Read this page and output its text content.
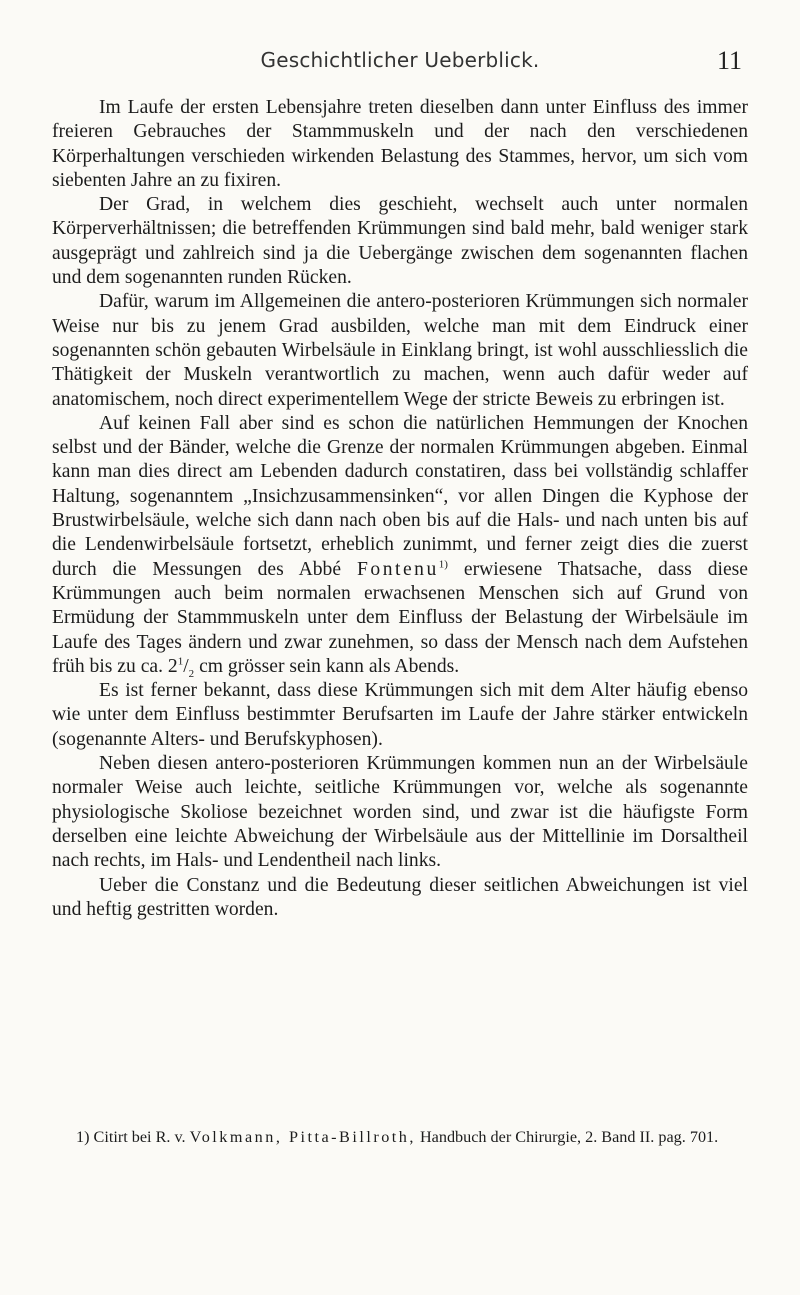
Geschichtlicher Ueberblick.	11

Im Laufe der ersten Lebensjahre treten dieselben dann unter Einfluss des immer freieren Gebrauches der Stammmuskeln und der nach den verschiedenen Körperhaltungen verschieden wirkenden Belastung des Stammes, hervor, um sich vom siebenten Jahre an zu fixiren.

Der Grad, in welchem dies geschieht, wechselt auch unter normalen Körperverhältnissen; die betreffenden Krümmungen sind bald mehr, bald weniger stark ausgeprägt und zahlreich sind ja die Uebergänge zwischen dem sogenannten flachen und dem sogenannten runden Rücken.

Dafür, warum im Allgemeinen die antero-posterioren Krümmungen sich normaler Weise nur bis zu jenem Grad ausbilden, welche man mit dem Eindruck einer sogenannten schön gebauten Wirbelsäule in Einklang bringt, ist wohl ausschliesslich die Thätigkeit der Muskeln verantwortlich zu machen, wenn auch dafür weder auf anatomischem, noch direct experimentellem Wege der stricte Beweis zu erbringen ist.

Auf keinen Fall aber sind es schon die natürlichen Hemmungen der Knochen selbst und der Bänder, welche die Grenze der normalen Krümmungen abgeben. Einmal kann man dies direct am Lebenden dadurch constatiren, dass bei vollständig schlaffer Haltung, sogenanntem „Insichzusammensinken“, vor allen Dingen die Kyphose der Brustwirbelsäule, welche sich dann nach oben bis auf die Hals- und nach unten bis auf die Lendenwirbelsäule fortsetzt, erheblich zunimmt, und ferner zeigt dies die zuerst durch die Messungen des Abbé Fontenu$^{1)}$ erwiesene Thatsache, dass diese Krümmungen auch beim normalen erwachsenen Menschen sich auf Grund von Ermüdung der Stammmuskeln unter dem Einfluss der Belastung der Wirbelsäule im Laufe des Tages ändern und zwar zunehmen, so dass der Mensch nach dem Aufstehen früh bis zu ca. $2^1/_2$ cm grösser sein kann als Abends.

Es ist ferner bekannt, dass diese Krümmungen sich mit dem Alter häufig ebenso wie unter dem Einfluss bestimmter Berufsarten im Laufe der Jahre stärker entwickeln (sogenannte Alters- und Berufskyphosen).

Neben diesen antero-posterioren Krümmungen kommen nun an der Wirbelsäule normaler Weise auch leichte, seitliche Krümmungen vor, welche als sogenannte physiologische Skoliose bezeichnet worden sind, und zwar ist die häufigste Form derselben eine leichte Abweichung der Wirbelsäule aus der Mittellinie im Dorsaltheil nach rechts, im Hals- und Lendentheil nach links.

Ueber die Constanz und die Bedeutung dieser seitlichen Abweichungen ist viel und heftig gestritten worden.

1) Citirt bei R. v. Volkmann, Pitta-Billroth, Handbuch der Chirurgie, 2. Band II. pag. 701.
